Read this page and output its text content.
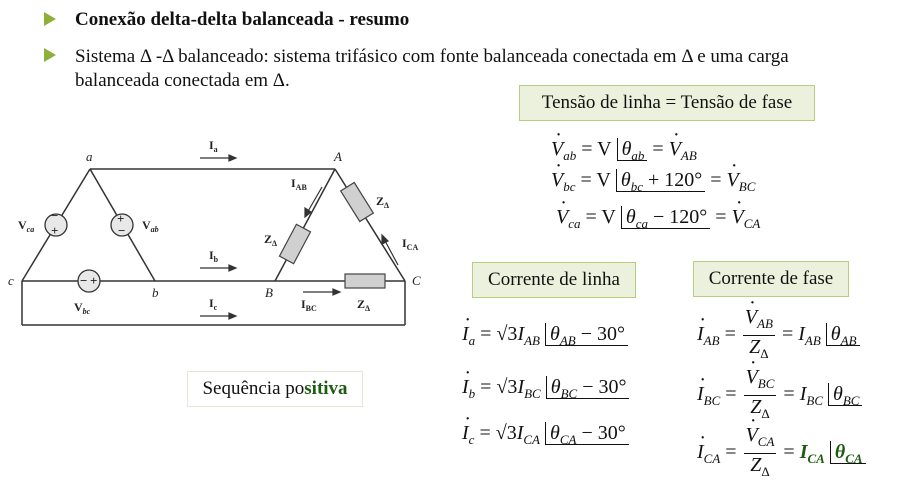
Conexão delta-delta balanceada - resumo
Sistema Δ -Δ balanceado: sistema trifásico com fonte balanceada conectada em Δ e uma carga balanceada conectada em Δ.
Tensão de linha = Tensão de fase
Corrente de linha	Corrente de fase
Sequência po sitiva
−
+
+
−
− +
a
b
c
A
B
C
$I_a$
$I_b$
$I_c$
$I_{AB}$
$I_{CA}$
$I_{BC}$
$V_{ca}$	$V_{ab}$
$V_{bc}$
$Z_\Delta$
$Z_\Delta$
$Z_\Delta$
· $V_{ab} = V$ $\theta_{ab}$ = · $V_{AB}$
· $V_{bc} = V$ $\theta_{bc} + 120^\circ$ = · $V_{BC}$
· $V_{ca} = V$ $\theta_{ca} - 120^\circ$ = · $V_{CA}$
· $I_a = √3I_{AB}$ $\theta_{AB} - 30^\circ$
· $I_b = √3I_{BC}$ $\theta_{BC} - 30^\circ$
· $I_c = √3I_{CA}$ $\theta_{CA} - 30^\circ$
· $I_{AB}$ = · $\frac{V_{AB}}{Z_\Delta} = I_{AB}$ $\theta_{AB}$
· $I_{BC}$ = · $\frac{V_{BC}}{Z_\Delta} = I_{BC}$ $\theta_{BC}$
· $I_{CA}$ = · $\frac{V_{CA}}{Z_\Delta} = I_{CA}$ $\theta_{CA}$
